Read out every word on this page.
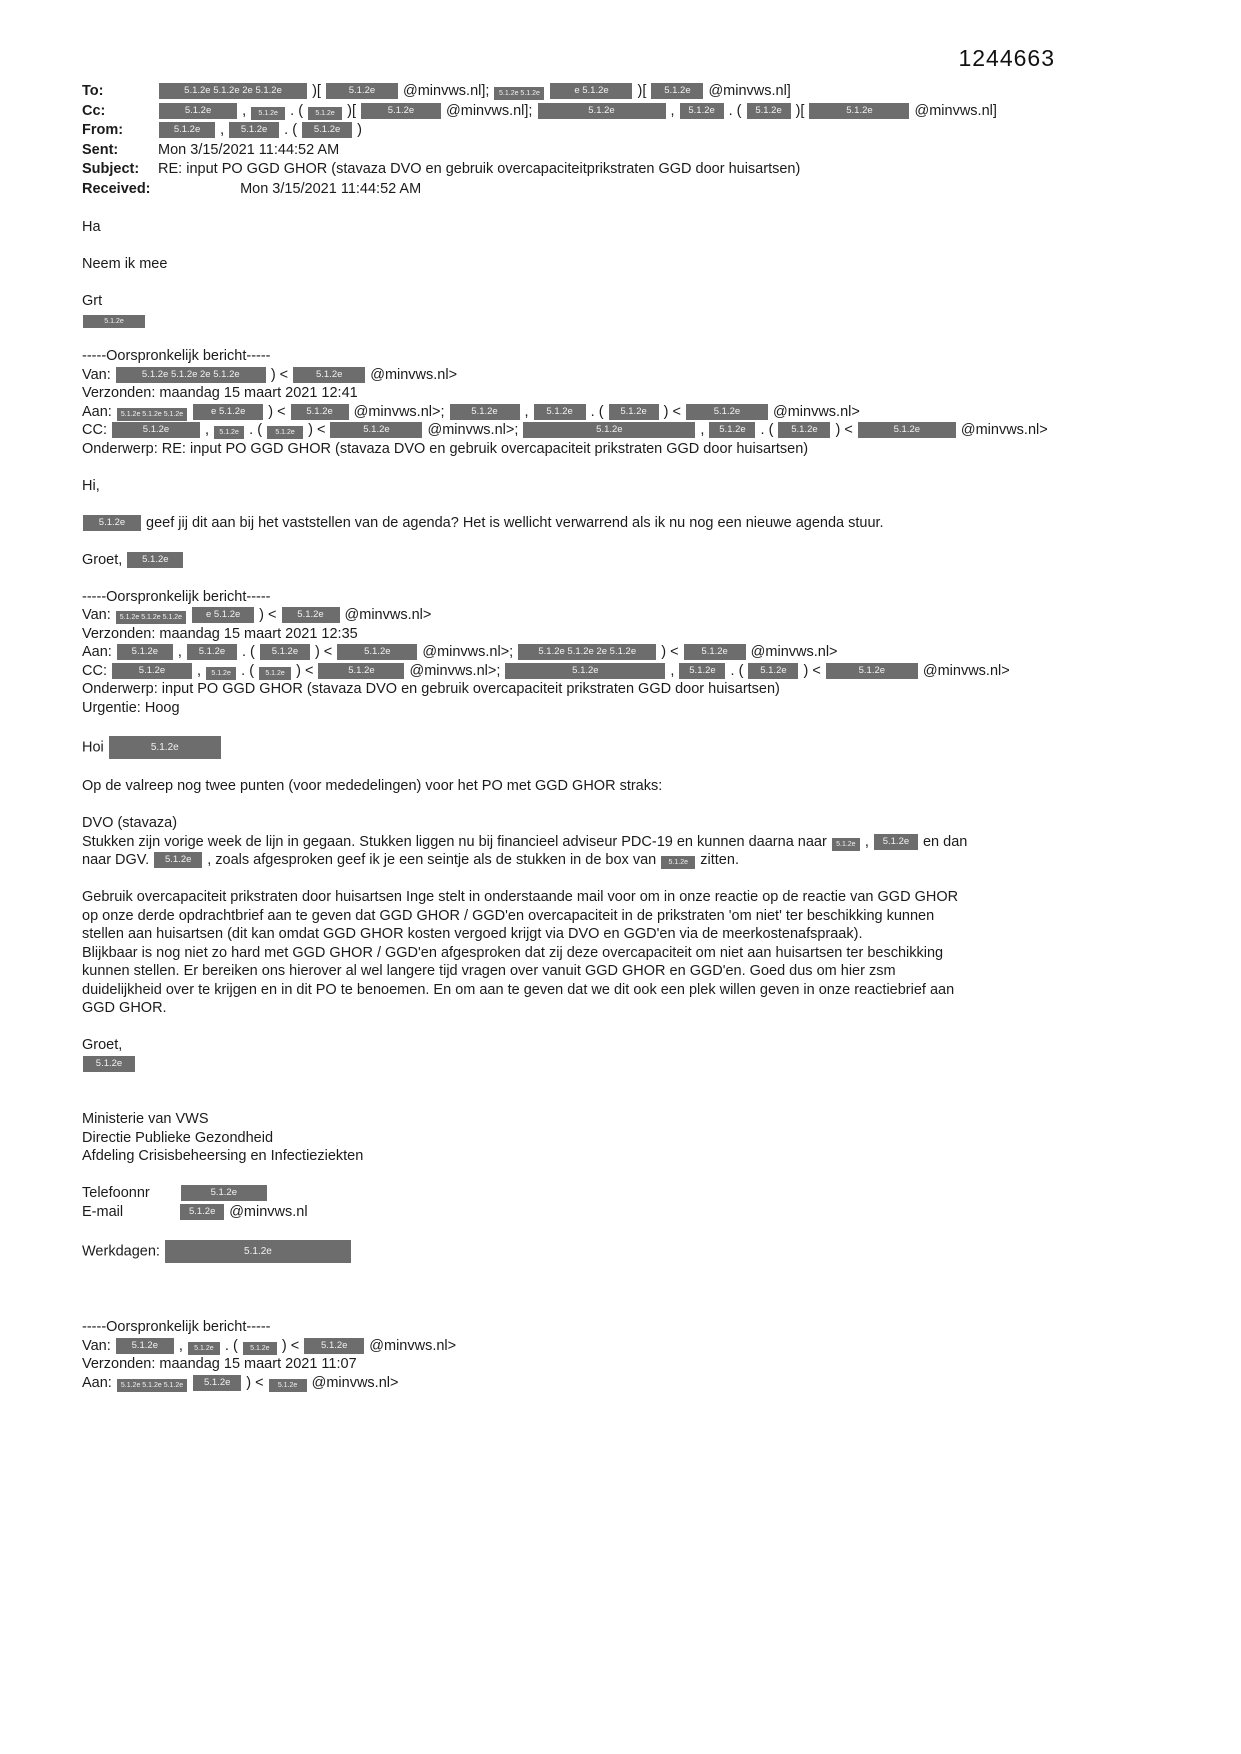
1244663
To:	5.1.2e 5.1.2e 2e 5.1.2e )[	5.1.2e @minvws.nl]; 5.1.2e 5.1.2e	e 5.1.2e )[ 5.1.2e @minvws.nl]
Cc:	5.1.2e , 5.1.2e . ( 5.1.2e )[	5.1.2e @minvws.nl];	5.1.2e	, 5.1.2e . ( 5.1.2e )[	5.1.2e	@minvws.nl]
From:	5.1.2e , 5.1.2e . ( 5.1.2e )
Sent:	Mon 3/15/2021 11:44:52 AM
Subject: RE: input PO GGD GHOR (stavaza DVO en gebruik overcapaciteitprikstraten GGD door huisartsen)
Received:	Mon 3/15/2021 11:44:52 AM

Ha

Neem ik mee

Grt
5.1.2e

-----Oorspronkelijk bericht-----
Van:	5.1.2e 5.1.2e 2e 5.1.2e ) <	5.1.2e @minvws.nl>
Verzonden: maandag 15 maart 2021 12:41
Aan: 5.1.2e 5.1.2e 5.1.2e	e 5.1.2e ) < 5.1.2e @minvws.nl>;	5.1.2e , 5.1.2e . ( 5.1.2e ) <	5.1.2e @minvws.nl>
CC:	5.1.2e , 5.1.2e . ( 5.1.2e ) <	5.1.2e	@minvws.nl>;	5.1.2e	, 5.1.2e . ( 5.1.2e ) <	5.1.2e	@minvws.nl>
Onderwerp: RE: input PO GGD GHOR (stavaza DVO en gebruik overcapaciteit prikstraten GGD door huisartsen)

Hi,

5.1.2e geef jij dit aan bij het vaststellen van de agenda? Het is wellicht verwarrend als ik nu nog een nieuwe agenda stuur.

Groet, 5.1.2e

-----Oorspronkelijk bericht-----
Van: 5.1.2e 5.1.2e 5.1.2e	e 5.1.2e ) < 5.1.2e @minvws.nl>
Verzonden: maandag 15 maart 2021 12:35
Aan: 5.1.2e , 5.1.2e . ( 5.1.2e ) <	5.1.2e @minvws.nl>;	5.1.2e 5.1.2e 2e 5.1.2e ) < 5.1.2e @minvws.nl>
CC:	5.1.2e , 5.1.2e . ( 5.1.2e ) <	5.1.2e @minvws.nl>;	5.1.2e	, 5.1.2e . ( 5.1.2e ) <	5.1.2e	@minvws.nl>
Onderwerp: input PO GGD GHOR (stavaza DVO en gebruik overcapaciteit prikstraten GGD door huisartsen)
Urgentie: Hoog

Hoi	5.1.2e

Op de valreep nog twee punten (voor mededelingen) voor het PO met GGD GHOR straks:

DVO (stavaza)
Stukken zijn vorige week de lijn in gegaan. Stukken liggen nu bij financieel adviseur PDC-19 en kunnen daarna naar 5.1.2e , 5.1.2e en dan
naar DGV. 5.1.2e , zoals afgesproken geef ik je een seintje als de stukken in de box van 5.1.2e zitten.

Gebruik overcapaciteit prikstraten door huisartsen Inge stelt in onderstaande mail voor om in onze reactie op de reactie van GGD GHOR
op onze derde opdrachtbrief aan te geven dat GGD GHOR / GGD'en overcapaciteit in de prikstraten 'om niet' ter beschikking kunnen
stellen aan huisartsen (dit kan omdat GGD GHOR kosten vergoed krijgt via DVO en GGD'en via de meerkostenafspraak).
Blijkbaar is nog niet zo hard met GGD GHOR / GGD'en afgesproken dat zij deze overcapaciteit om niet aan huisartsen ter beschikking
kunnen stellen. Er bereiken ons hierover al wel langere tijd vragen over vanuit GGD GHOR en GGD'en. Goed dus om hier zsm
duidelijkheid over te krijgen en in dit PO te benoemen. En om aan te geven dat we dit ook een plek willen geven in onze reactiebrief aan
GGD GHOR.

Groet,
5.1.2e

Ministerie van VWS
Directie Publieke Gezondheid
Afdeling Crisisbeheersing en Infectieziekten

Telefoonnr	5.1.2e
E-mail	5.1.2e @minvws.nl

Werkdagen:	5.1.2e

-----Oorspronkelijk bericht-----
Van: 5.1.2e , 5.1.2e . ( 5.1.2e ) < 5.1.2e @minvws.nl>
Verzonden: maandag 15 maart 2021 11:07
Aan: 5.1.2e 5.1.2e 5.1.2e 5.1.2e ) < 5.1.2e @minvws.nl>
